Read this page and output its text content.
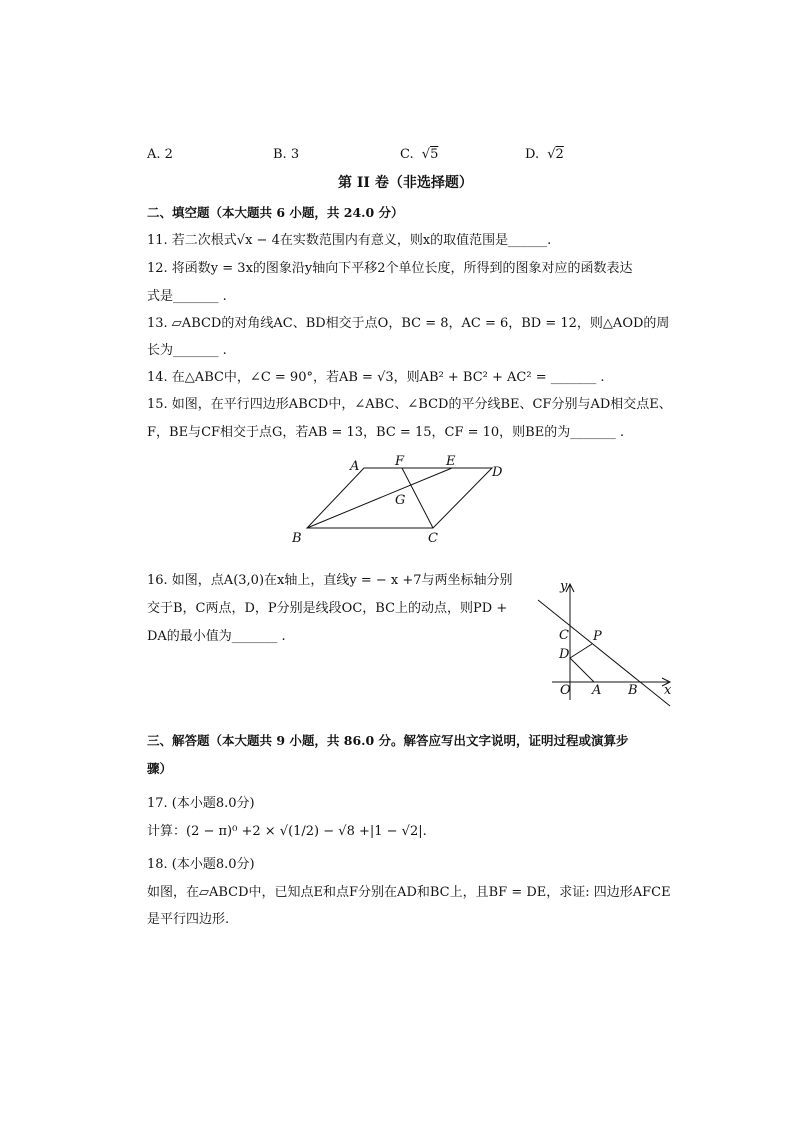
A. 2	B. 3	C. √5	D. √2
第 II 卷（非选择题）
二、填空题（本大题共 6 小题，共 24.0 分）
11. 若二次根式√x − 4在实数范围内有意义，则x的取值范围是______.
12. 将函数y = 3x的图象沿y轴向下平移2个单位长度，所得到的图象对应的函数表达
式是_______ .
13. ▱ABCD的对角线AC、BD相交于点O，BC = 8，AC = 6，BD = 12，则△AOD的周
长为_______ .
14. 在△ABC中，∠C = 90°，若AB = √3，则AB² + BC² + AC² = _______ .
15. 如图，在平行四边形ABCD中，∠ABC、∠BCD的平分线BE、CF分别与AD相交点E、
F，BE与CF相交于点G，若AB = 13，BC = 15，CF = 10，则BE的为_______ .
A	F	E
D
G
B	C
16. 如图，点A(3,0)在x轴上，直线y = − x +7与两坐标轴分别
交于B，C两点，D，P分别是线段OC，BC上的动点，则PD +
DA的最小值为_______ .
y
x
O A B
C
D
P
三、解答题（本大题共 9 小题，共 86.0 分。解答应写出文字说明，证明过程或演算步
骤）
17. (本小题8.0分)
计算：(2 − π)⁰ +2 × √(1/2) − √8 +|1 − √2|.
18. (本小题8.0分)
如图，在▱ABCD中，已知点E和点F分别在AD和BC上，且BF = DE，求证: 四边形AFCE
是平行四边形.
